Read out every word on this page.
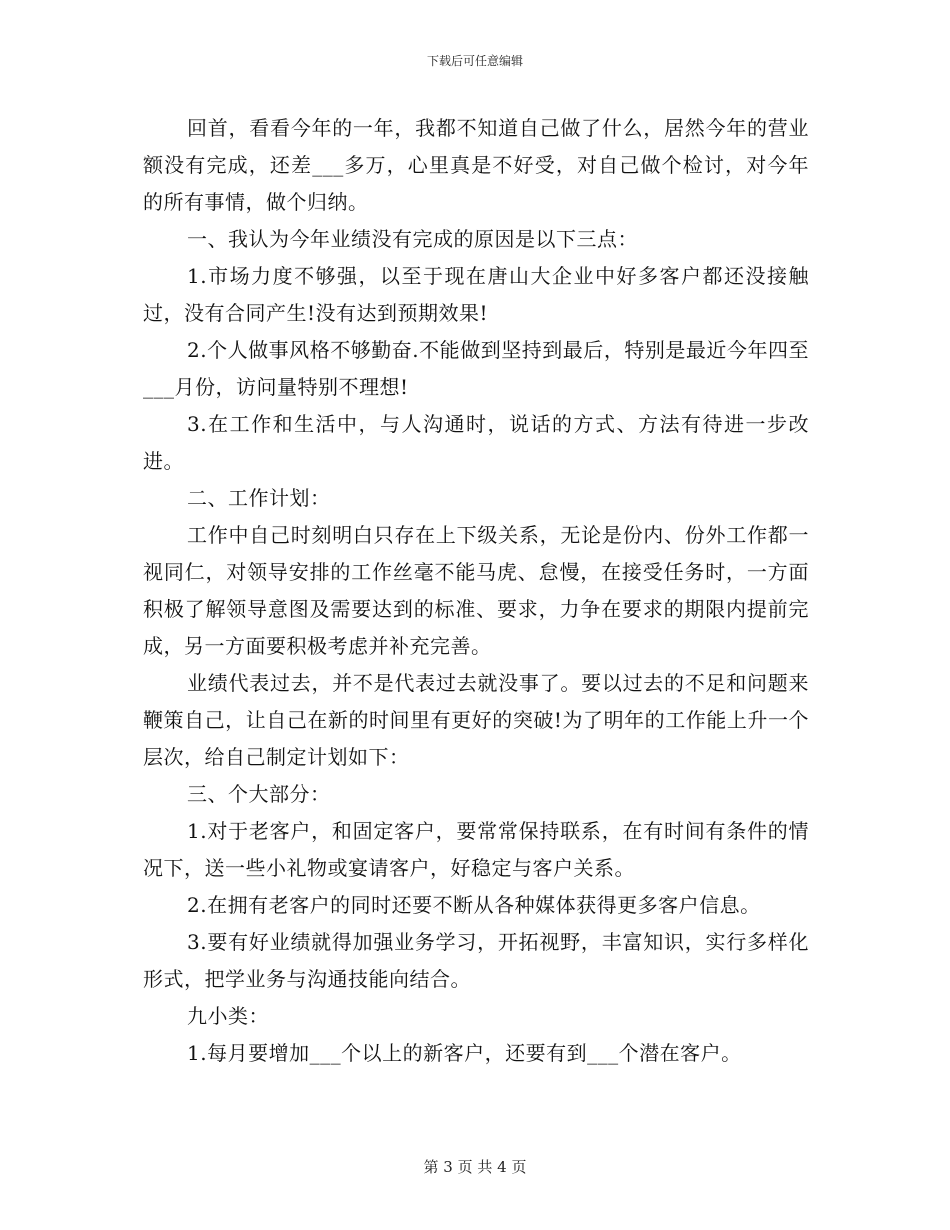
下载后可任意编辑

回首，看看今年的一年，我都不知道自己做了什么，居然今年的营业额没有完成，还差___多万，心里真是不好受，对自己做个检讨，对今年的所有事情，做个归纳。

一、我认为今年业绩没有完成的原因是以下三点：

1.市场力度不够强，以至于现在唐山大企业中好多客户都还没接触过，没有合同产生!没有达到预期效果!

2.个人做事风格不够勤奋.不能做到坚持到最后，特别是最近今年四至___月份，访问量特别不理想!

3.在工作和生活中，与人沟通时，说话的方式、方法有待进一步改进。

二、工作计划：

工作中自己时刻明白只存在上下级关系，无论是份内、份外工作都一视同仁，对领导安排的工作丝毫不能马虎、怠慢，在接受任务时，一方面积极了解领导意图及需要达到的标准、要求，力争在要求的期限内提前完成，另一方面要积极考虑并补充完善。

业绩代表过去，并不是代表过去就没事了。要以过去的不足和问题来鞭策自己，让自己在新的时间里有更好的突破!为了明年的工作能上升一个层次，给自己制定计划如下：

三、个大部分：

1.对于老客户，和固定客户，要常常保持联系，在有时间有条件的情况下，送一些小礼物或宴请客户，好稳定与客户关系。

2.在拥有老客户的同时还要不断从各种媒体获得更多客户信息。

3.要有好业绩就得加强业务学习，开拓视野，丰富知识，实行多样化形式，把学业务与沟通技能向结合。

九小类：

1.每月要增加___个以上的新客户，还要有到___个潜在客户。

第 3 页 共 4 页
